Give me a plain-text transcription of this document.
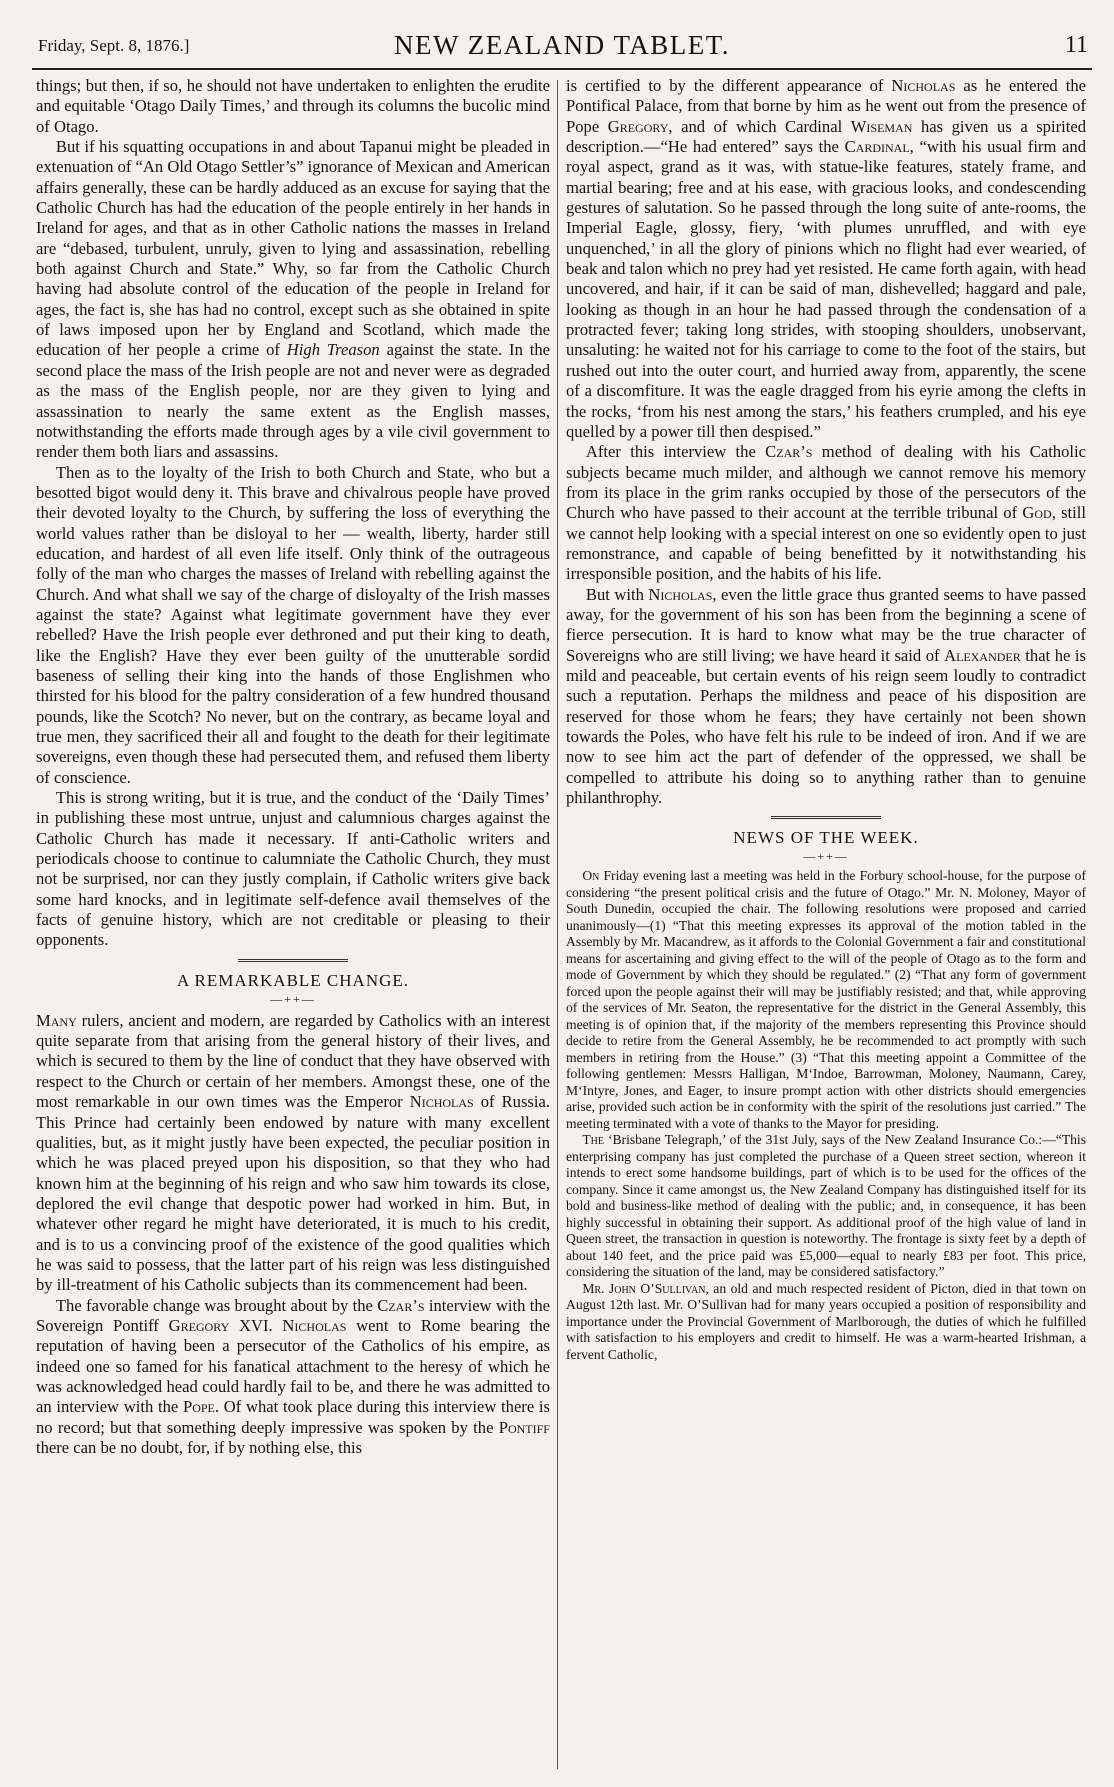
Friday, Sept. 8, 1876.]	NEW ZEALAND TABLET.	11

things; but then, if so, he should not have undertaken to enlighten the erudite and equitable ‘Otago Daily Times,’ and through its columns the bucolic mind of Otago.

But if his squatting occupations in and about Tapanui might be pleaded in extenuation of “An Old Otago Settler’s” ignorance of Mexican and American affairs generally, these can be hardly adduced as an excuse for saying that the Catholic Church has had the education of the people entirely in her hands in Ireland for ages, and that as in other Catholic nations the masses in Ireland are “debased, turbulent, unruly, given to lying and assassination, rebelling both against Church and State.” Why, so far from the Catholic Church having had absolute control of the education of the people in Ireland for ages, the fact is, she has had no control, except such as she obtained in spite of laws imposed upon her by England and Scotland, which made the education of her people a crime of High Treason against the state. In the second place the mass of the Irish people are not and never were as degraded as the mass of the English people, nor are they given to lying and assassination to nearly the same extent as the English masses, notwithstanding the efforts made through ages by a vile civil government to render them both liars and assassins.

Then as to the loyalty of the Irish to both Church and State, who but a besotted bigot would deny it. This brave and chivalrous people have proved their devoted loyalty to the Church, by suffering the loss of everything the world values rather than be disloyal to her — wealth, liberty, harder still education, and hardest of all even life itself. Only think of the outrageous folly of the man who charges the masses of Ireland with rebelling against the Church. And what shall we say of the charge of disloyalty of the Irish masses against the state? Against what legitimate government have they ever rebelled? Have the Irish people ever dethroned and put their king to death, like the English? Have they ever been guilty of the unutterable sordid baseness of selling their king into the hands of those Englishmen who thirsted for his blood for the paltry consideration of a few hundred thousand pounds, like the Scotch? No never, but on the contrary, as became loyal and true men, they sacrificed their all and fought to the death for their legitimate sovereigns, even though these had persecuted them, and refused them liberty of conscience.

This is strong writing, but it is true, and the conduct of the ‘Daily Times’ in publishing these most untrue, unjust and calumnious charges against the Catholic Church has made it necessary. If anti-Catholic writers and periodicals choose to continue to calumniate the Catholic Church, they must not be surprised, nor can they justly complain, if Catholic writers give back some hard knocks, and in legitimate self-defence avail themselves of the facts of genuine history, which are not creditable or pleasing to their opponents.

A REMARKABLE CHANGE.
—++—

Many rulers, ancient and modern, are regarded by Catholics with an interest quite separate from that arising from the general history of their lives, and which is secured to them by the line of conduct that they have observed with respect to the Church or certain of her members. Amongst these, one of the most remarkable in our own times was the Emperor Nicholas of Russia. This Prince had certainly been endowed by nature with many excellent qualities, but, as it might justly have been expected, the peculiar position in which he was placed preyed upon his disposition, so that they who had known him at the beginning of his reign and who saw him towards its close, deplored the evil change that despotic power had worked in him. But, in whatever other regard he might have deteriorated, it is much to his credit, and is to us a convincing proof of the existence of the good qualities which he was said to possess, that the latter part of his reign was less distinguished by ill-treatment of his Catholic subjects than its commencement had been.

The favorable change was brought about by the Czar’s interview with the Sovereign Pontiff Gregory XVI. Nicholas went to Rome bearing the reputation of having been a persecutor of the Catholics of his empire, as indeed one so famed for his fanatical attachment to the heresy of which he was acknowledged head could hardly fail to be, and there he was admitted to an interview with the Pope. Of what took place during this interview there is no record; but that something deeply impressive was spoken by the Pontiff there can be no doubt, for, if by nothing else, this

is certified to by the different appearance of Nicholas as he entered the Pontifical Palace, from that borne by him as he went out from the presence of Pope Gregory, and of which Cardinal Wiseman has given us a spirited description.—“He had entered” says the Cardinal, “with his usual firm and royal aspect, grand as it was, with statue-like features, stately frame, and martial bearing; free and at his ease, with gracious looks, and condescending gestures of salutation. So he passed through the long suite of ante-rooms, the Imperial Eagle, glossy, fiery, ‘with plumes unruffled, and with eye unquenched,’ in all the glory of pinions which no flight had ever wearied, of beak and talon which no prey had yet resisted. He came forth again, with head uncovered, and hair, if it can be said of man, dishevelled; haggard and pale, looking as though in an hour he had passed through the condensation of a protracted fever; taking long strides, with stooping shoulders, unobservant, unsaluting: he waited not for his carriage to come to the foot of the stairs, but rushed out into the outer court, and hurried away from, apparently, the scene of a discomfiture. It was the eagle dragged from his eyrie among the clefts in the rocks, ‘from his nest among the stars,’ his feathers crumpled, and his eye quelled by a power till then despised.”

After this interview the Czar’s method of dealing with his Catholic subjects became much milder, and although we cannot remove his memory from its place in the grim ranks occupied by those of the persecutors of the Church who have passed to their account at the terrible tribunal of God, still we cannot help looking with a special interest on one so evidently open to just remonstrance, and capable of being benefitted by it notwithstanding his irresponsible position, and the habits of his life.

But with Nicholas, even the little grace thus granted seems to have passed away, for the government of his son has been from the beginning a scene of fierce persecution. It is hard to know what may be the true character of Sovereigns who are still living; we have heard it said of Alexander that he is mild and peaceable, but certain events of his reign seem loudly to contradict such a reputation. Perhaps the mildness and peace of his disposition are reserved for those whom he fears; they have certainly not been shown towards the Poles, who have felt his rule to be indeed of iron. And if we are now to see him act the part of defender of the oppressed, we shall be compelled to attribute his doing so to anything rather than to genuine philanthrophy.

NEWS OF THE WEEK.
—++—

On Friday evening last a meeting was held in the Forbury school-house, for the purpose of considering “the present political crisis and the future of Otago.” Mr. N. Moloney, Mayor of South Dunedin, occupied the chair. The following resolutions were proposed and carried unanimously—(1) “That this meeting expresses its approval of the motion tabled in the Assembly by Mr. Macandrew, as it affords to the Colonial Government a fair and constitutional means for ascertaining and giving effect to the will of the people of Otago as to the form and mode of Government by which they should be regulated.” (2) “That any form of government forced upon the people against their will may be justifiably resisted; and that, while approving of the services of Mr. Seaton, the representative for the district in the General Assembly, this meeting is of opinion that, if the majority of the members representing this Province should decide to retire from the General Assembly, he be recommended to act promptly with such members in retiring from the House.” (3) “That this meeting appoint a Committee of the following gentlemen: Messrs Halligan, M‘Indoe, Barrowman, Moloney, Naumann, Carey, M‘Intyre, Jones, and Eager, to insure prompt action with other districts should emergencies arise, provided such action be in conformity with the spirit of the resolutions just carried.” The meeting terminated with a vote of thanks to the Mayor for presiding.

The ‘Brisbane Telegraph,’ of the 31st July, says of the New Zealand Insurance Co.:—“This enterprising company has just completed the purchase of a Queen street section, whereon it intends to erect some handsome buildings, part of which is to be used for the offices of the company. Since it came amongst us, the New Zealand Company has distinguished itself for its bold and business-like method of dealing with the public; and, in consequence, it has been highly successful in obtaining their support. As additional proof of the high value of land in Queen street, the transaction in question is noteworthy. The frontage is sixty feet by a depth of about 140 feet, and the price paid was £5,000—equal to nearly £83 per foot. This price, considering the situation of the land, may be considered satisfactory.”

Mr. John O’Sullivan, an old and much respected resident of Picton, died in that town on August 12th last. Mr. O’Sullivan had for many years occupied a position of responsibility and importance under the Provincial Government of Marlborough, the duties of which he fulfilled with satisfaction to his employers and credit to himself. He was a warm-hearted Irishman, a fervent Catholic,
